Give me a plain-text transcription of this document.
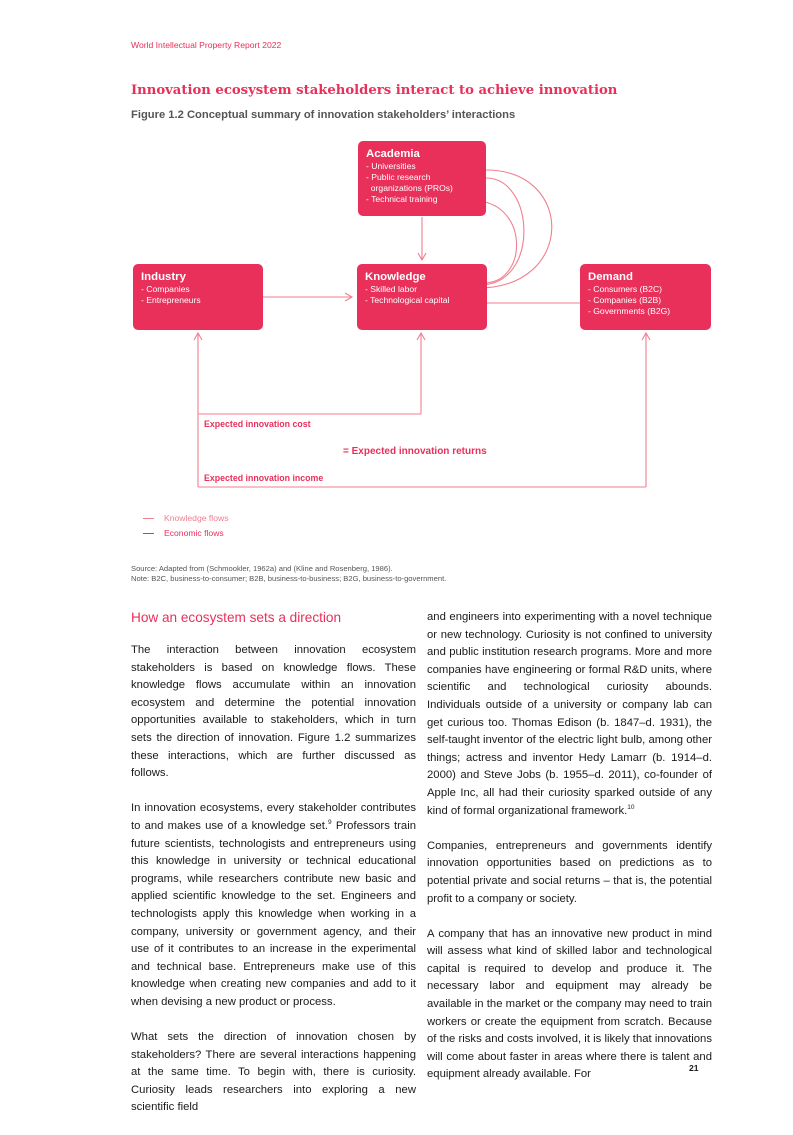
World Intellectual Property Report 2022
Innovation ecosystem stakeholders interact to achieve innovation
Figure 1.2 Conceptual summary of innovation stakeholders’ interactions
Academia
- Universities
- Public research
organizations (PROs)
- Technical training
Industry
- Companies
- Entrepreneurs
Knowledge
- Skilled labor
- Technological capital
Demand
- Consumers (B2C)
- Companies (B2B)
- Governments (B2G)
Expected innovation cost
= Expected innovation returns
Expected innovation income
Knowledge flows
Economic flows
Source: Adapted from (Schmookler, 1962a) and (Kline and Rosenberg, 1986).
Note: B2C, business-to-consumer; B2B, business-to-business; B2G, business-to-government.
How an ecosystem sets a direction

The interaction between innovation ecosystem stakeholders is based on knowledge flows. These knowledge flows accumulate within an innovation ecosystem and determine the potential innovation opportunities available to stakeholders, which in turn sets the direction of innovation. Figure 1.2 summarizes these interactions, which are further discussed as follows.

In innovation ecosystems, every stakeholder contributes to and makes use of a knowledge set.$^9$ Professors train future scientists, technologists and entrepreneurs using this knowledge in university or technical educational programs, while researchers contribute new basic and applied scientific knowledge to the set. Engineers and technologists apply this knowledge when working in a company, university or government agency, and their use of it contributes to an increase in the experimental and technical base. Entrepreneurs make use of this knowledge when creating new companies and add to it when devising a new product or process.

What sets the direction of innovation chosen by stakeholders? There are several interactions happening at the same time. To begin with, there is curiosity. Curiosity leads researchers into exploring a new scientific field

and engineers into experimenting with a novel technique or new technology. Curiosity is not confined to university and public institution research programs. More and more companies have engineering or formal R&D units, where scientific and technological curiosity abounds. Individuals outside of a university or company lab can get curious too. Thomas Edison (b. 1847–d. 1931), the self-taught inventor of the electric light bulb, among other things; actress and inventor Hedy Lamarr (b. 1914–d. 2000) and Steve Jobs (b. 1955–d. 2011), co-founder of Apple Inc, all had their curiosity sparked outside of any kind of formal organizational framework.$^{10}$

Companies, entrepreneurs and governments identify innovation opportunities based on predictions as to potential private and social returns – that is, the potential profit to a company or society.

A company that has an innovative new product in mind will assess what kind of skilled labor and technological capital is required to develop and produce it. The necessary labor and equipment may already be available in the market or the company may need to train workers or create the equipment from scratch. Because of the risks and costs involved, it is likely that innovations will come about faster in areas where there is talent and equipment already available. For

21
